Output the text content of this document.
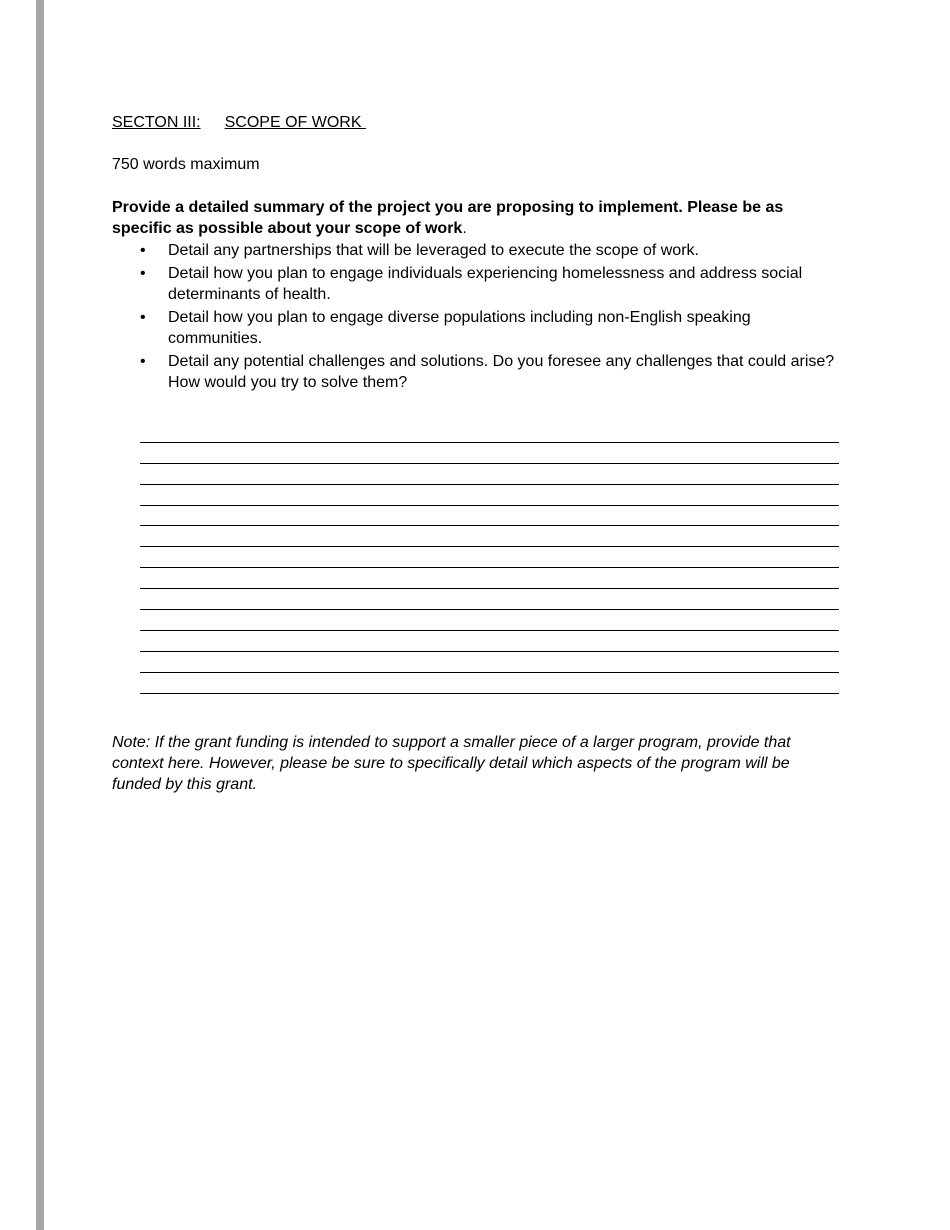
SECTON III: SCOPE OF WORK
750 words maximum
Provide a detailed summary of the project you are proposing to implement. Please be as specific as possible about your scope of work.
• Detail any partnerships that will be leveraged to execute the scope of work.
• Detail how you plan to engage individuals experiencing homelessness and address social determinants of health.
• Detail how you plan to engage diverse populations including non-English speaking communities.
• Detail any potential challenges and solutions. Do you foresee any challenges that could arise? How would you try to solve them?
Note: If the grant funding is intended to support a smaller piece of a larger program, provide that context here. However, please be sure to specifically detail which aspects of the program will be funded by this grant.
